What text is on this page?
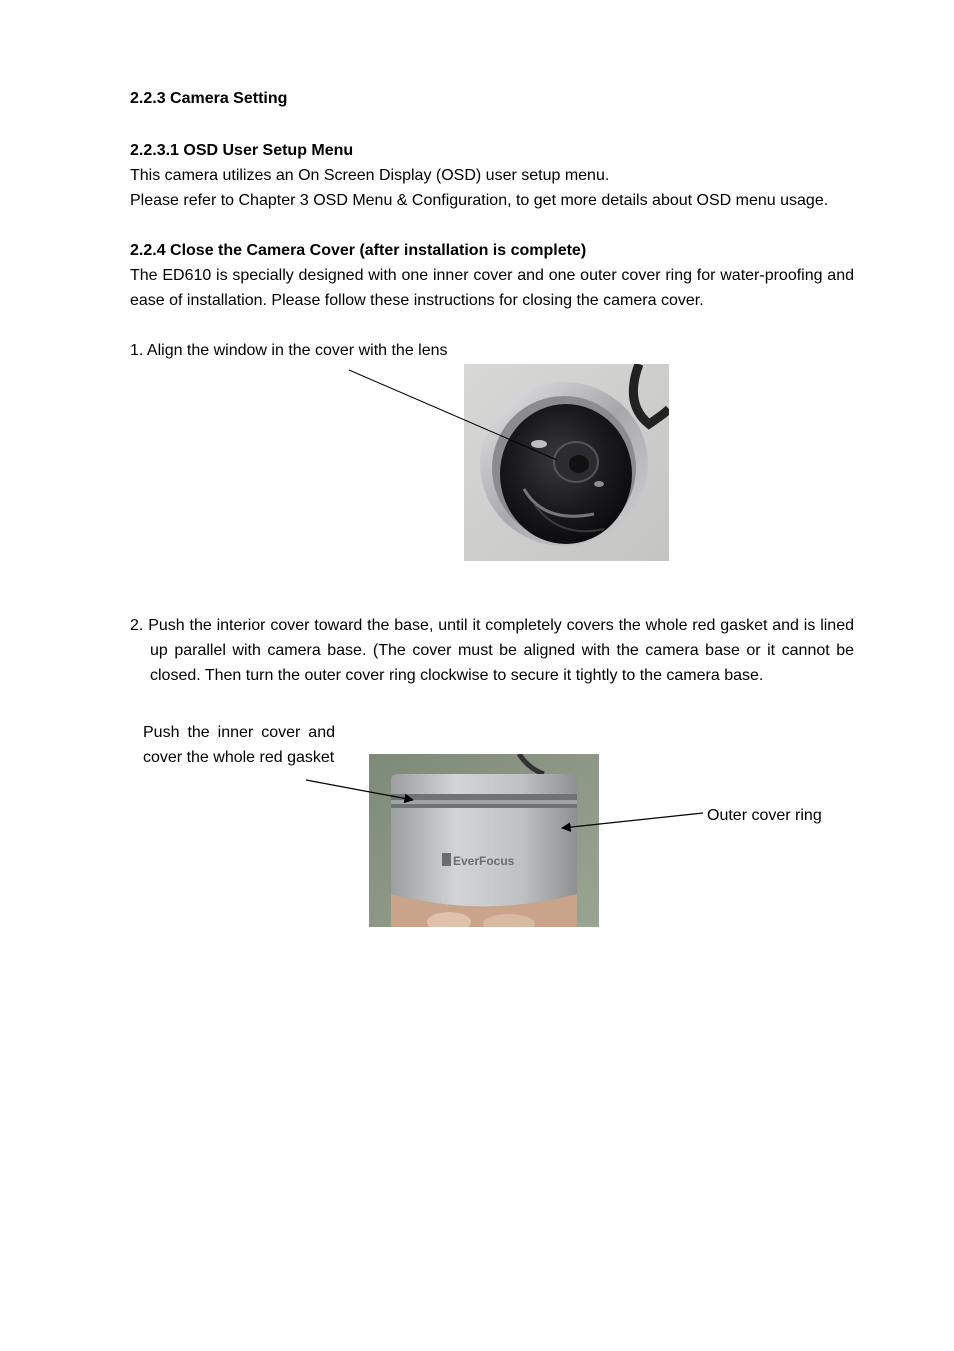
2.2.3 Camera Setting
2.2.3.1 OSD User Setup Menu
This camera utilizes an On Screen Display (OSD) user setup menu.
Please refer to Chapter 3 OSD Menu & Configuration, to get more details about OSD menu usage.
2.2.4 Close the Camera Cover (after installation is complete)
The ED610 is specially designed with one inner cover and one outer cover ring for water-proofing and
ease of installation. Please follow these instructions for closing the camera cover.
1. Align the window in the cover with the lens
2. Push the interior cover toward the base, until it completely covers the whole red gasket and is lined
up parallel with camera base. (The cover must be aligned with the camera base or it cannot be
closed. Then turn the outer cover ring clockwise to secure it tightly to the camera base.
Push the inner cover and
cover the whole red gasket
Outer cover ring
EverFocus
